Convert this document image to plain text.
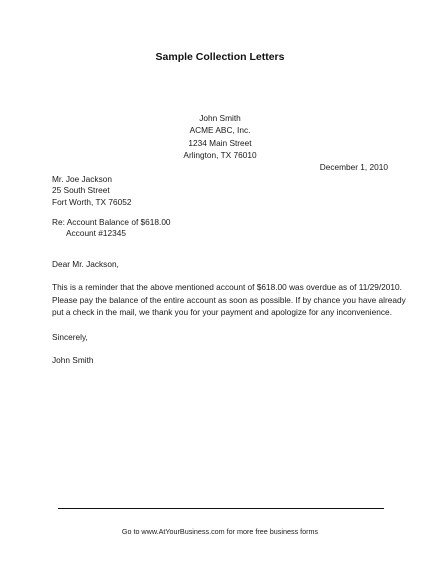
Sample Collection Letters
John Smith
ACME ABC, Inc.
1234 Main Street
Arlington, TX 76010
December 1, 2010
Mr. Joe Jackson
25 South Street
Fort Worth, TX 76052
Re: Account Balance of $618.00
Account #12345
Dear Mr. Jackson,
This is a reminder that the above mentioned account of $618.00 was overdue as of 11/29/2010.
Please pay the balance of the entire account as soon as possible. If by chance you have already
put a check in the mail, we thank you for your payment and apologize for any inconvenience.
Sincerely,
John Smith
Go to www.AtYourBusiness.com for more free business forms
